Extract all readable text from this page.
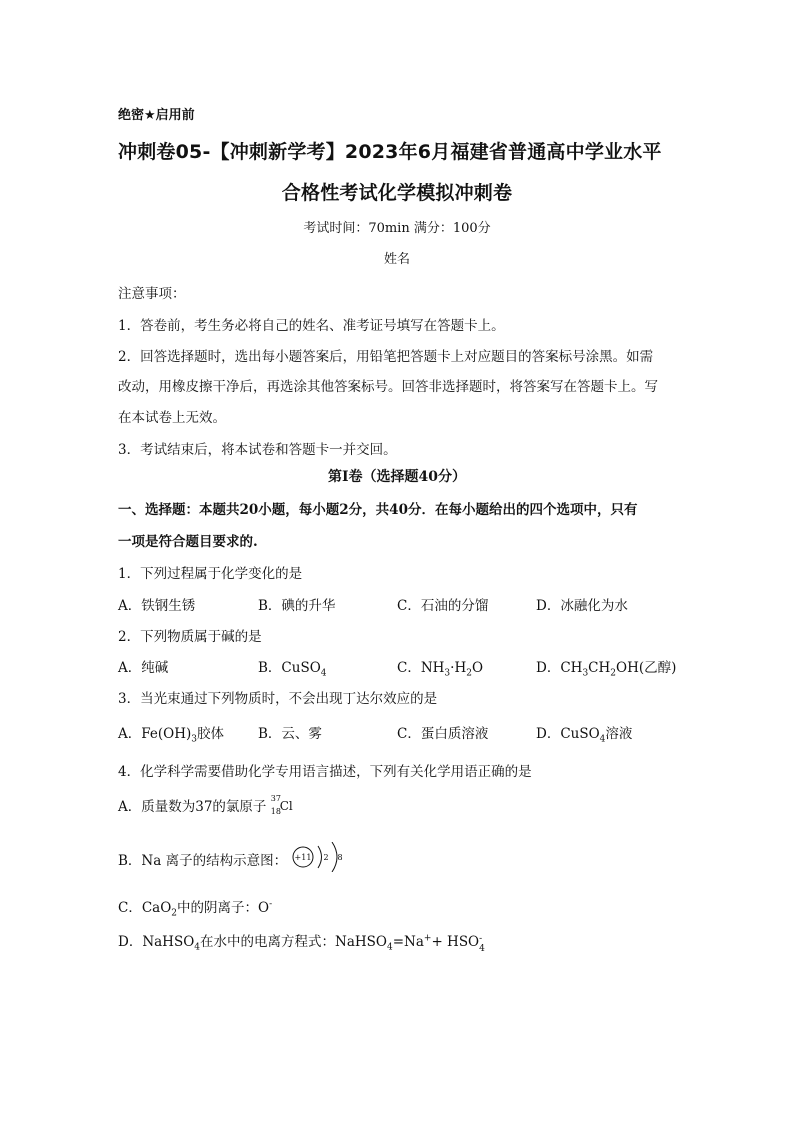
绝密★启用前
冲刺卷05-【冲刺新学考】2023年6月福建省普通高中学业水平
合格性考试化学模拟冲刺卷
考试时间：70min 满分：100分
姓名
注意事项：
1．答卷前，考生务必将自己的姓名、准考证号填写在答题卡上。
2．回答选择题时，选出每小题答案后，用铅笔把答题卡上对应题目的答案标号涂黑。如需
改动，用橡皮擦干净后，再选涂其他答案标号。回答非选择题时，将答案写在答题卡上。写
在本试卷上无效。
3．考试结束后，将本试卷和答题卡一并交回。
第Ⅰ卷（选择题40分）
一、选择题：本题共20小题，每小题2分，共40分．在每小题给出的四个选项中，只有
一项是符合题目要求的.
1．下列过程属于化学变化的是
A．铁钢生锈	B．碘的升华	C．石油的分馏	D．冰融化为水
2．下列物质属于碱的是
A．纯碱	B．CuSO$_4$	C．$NH_3\cdot H_2O$	D．$CH_3CH_2OH$(乙醇)
3．当光束通过下列物质时，不会出现丁达尔效应的是
A．$Fe(OH)_3$胶体	B．云、雾	C．蛋白质溶液	D．CuSO$_4$溶液
4．化学科学需要借助化学专用语言描述，下列有关化学用语正确的是
A．质量数为37的氯原子
37
18
Cl
B．Na 离子的结构示意图： +11 2 8
C．CaO$_2$中的阴离子：O-
D．NaHSO$_4$在水中的电离方程式：NaHSO$_4$=Na++ HSO -
4
